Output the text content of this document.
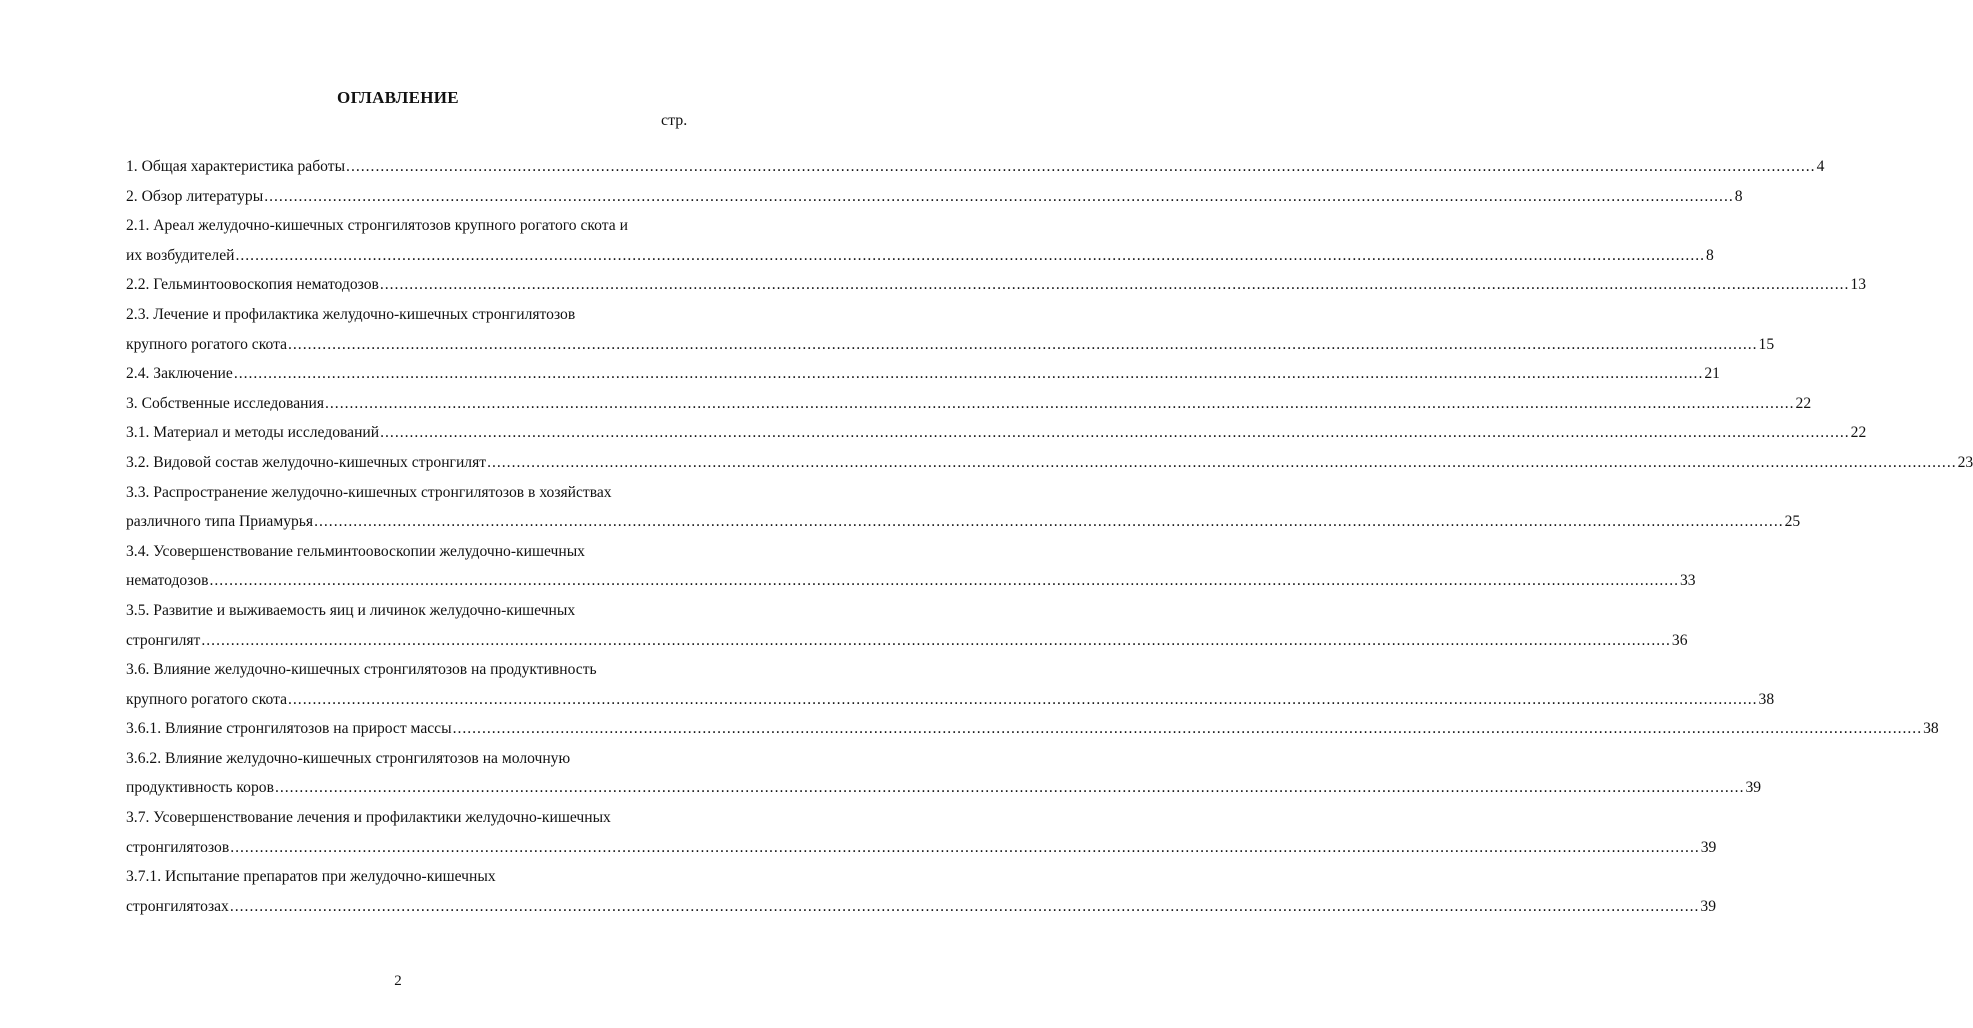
ОГЛАВЛЕНИЕ
стр.
1. Общая характеристика работы ............................................................................................................................................................................................................................................................................................................ 4
2. Обзор литературы ............................................................................................................................................................................................................................................................................................................ 8
2.1. Ареал желудочно-кишечных стронгилятозов крупного рогатого скота и
их возбудителей ............................................................................................................................................................................................................................................................................................................ 8
2.2. Гельминтоовоскопия нематодозов ............................................................................................................................................................................................................................................................................................................ 13
2.3. Лечение и профилактика желудочно-кишечных стронгилятозов
крупного рогатого скота ............................................................................................................................................................................................................................................................................................................ 15
2.4. Заключение ............................................................................................................................................................................................................................................................................................................ 21
3. Собственные исследования ............................................................................................................................................................................................................................................................................................................ 22
3.1. Материал и методы исследований ............................................................................................................................................................................................................................................................................................................ 22
3.2. Видовой состав желудочно-кишечных стронгилят ............................................................................................................................................................................................................................................................................................................ 23
3.3. Распространение желудочно-кишечных стронгилятозов в хозяйствах
различного типа Приамурья ............................................................................................................................................................................................................................................................................................................ 25
3.4. Усовершенствование гельминтоовоскопии желудочно-кишечных
нематодозов ............................................................................................................................................................................................................................................................................................................ 33
3.5. Развитие и выживаемость яиц и личинок желудочно-кишечных
стронгилят ............................................................................................................................................................................................................................................................................................................ 36
3.6. Влияние желудочно-кишечных стронгилятозов на продуктивность
крупного рогатого скота ............................................................................................................................................................................................................................................................................................................ 38
3.6.1. Влияние стронгилятозов на прирост массы ............................................................................................................................................................................................................................................................................................................ 38
3.6.2. Влияние желудочно-кишечных стронгилятозов на молочную
продуктивность коров ............................................................................................................................................................................................................................................................................................................ 39
3.7. Усовершенствование лечения и профилактики желудочно-кишечных
стронгилятозов ............................................................................................................................................................................................................................................................................................................ 39
3.7.1. Испытание препаратов при желудочно-кишечных
стронгилятозах ............................................................................................................................................................................................................................................................................................................ 39
2
